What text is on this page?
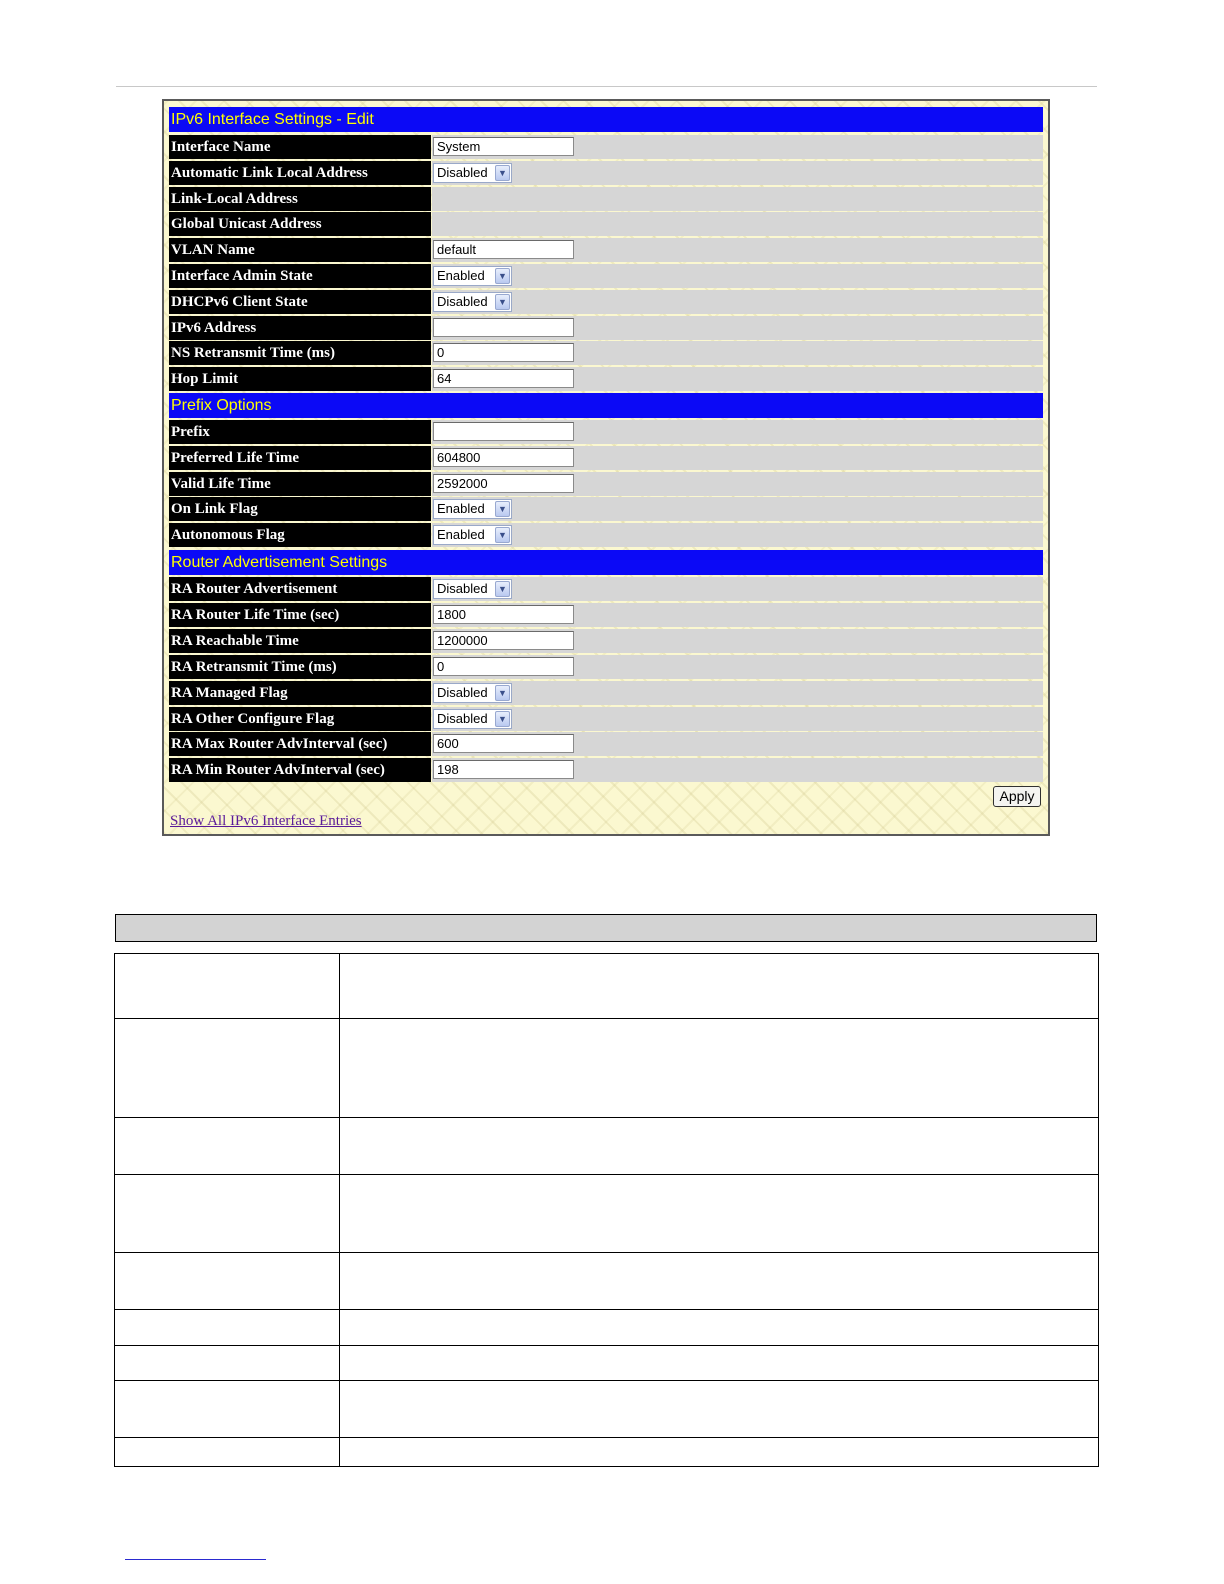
IPv6 Interface Settings - Edit
Interface Name	System
Automatic Link Local Address	Disabled	▼
Link-Local Address
Global Unicast Address
VLAN Name	default
Interface Admin State	Enabled	▼
DHCPv6 Client State	Disabled	▼
IPv6 Address
NS Retransmit Time (ms)	0
Hop Limit	64
Prefix Options
Prefix
Preferred Life Time	604800
Valid Life Time	2592000
On Link Flag	Enabled	▼
Autonomous Flag	Enabled	▼
Router Advertisement Settings
RA Router Advertisement	Disabled	▼
RA Router Life Time (sec)	1800
RA Reachable Time	1200000
RA Retransmit Time (ms)	0
RA Managed Flag	Disabled	▼
RA Other Configure Flag	Disabled	▼
RA Max Router AdvInterval (sec)	600
RA Min Router AdvInterval (sec)	198
Apply
Show All IPv6 Interface Entries
